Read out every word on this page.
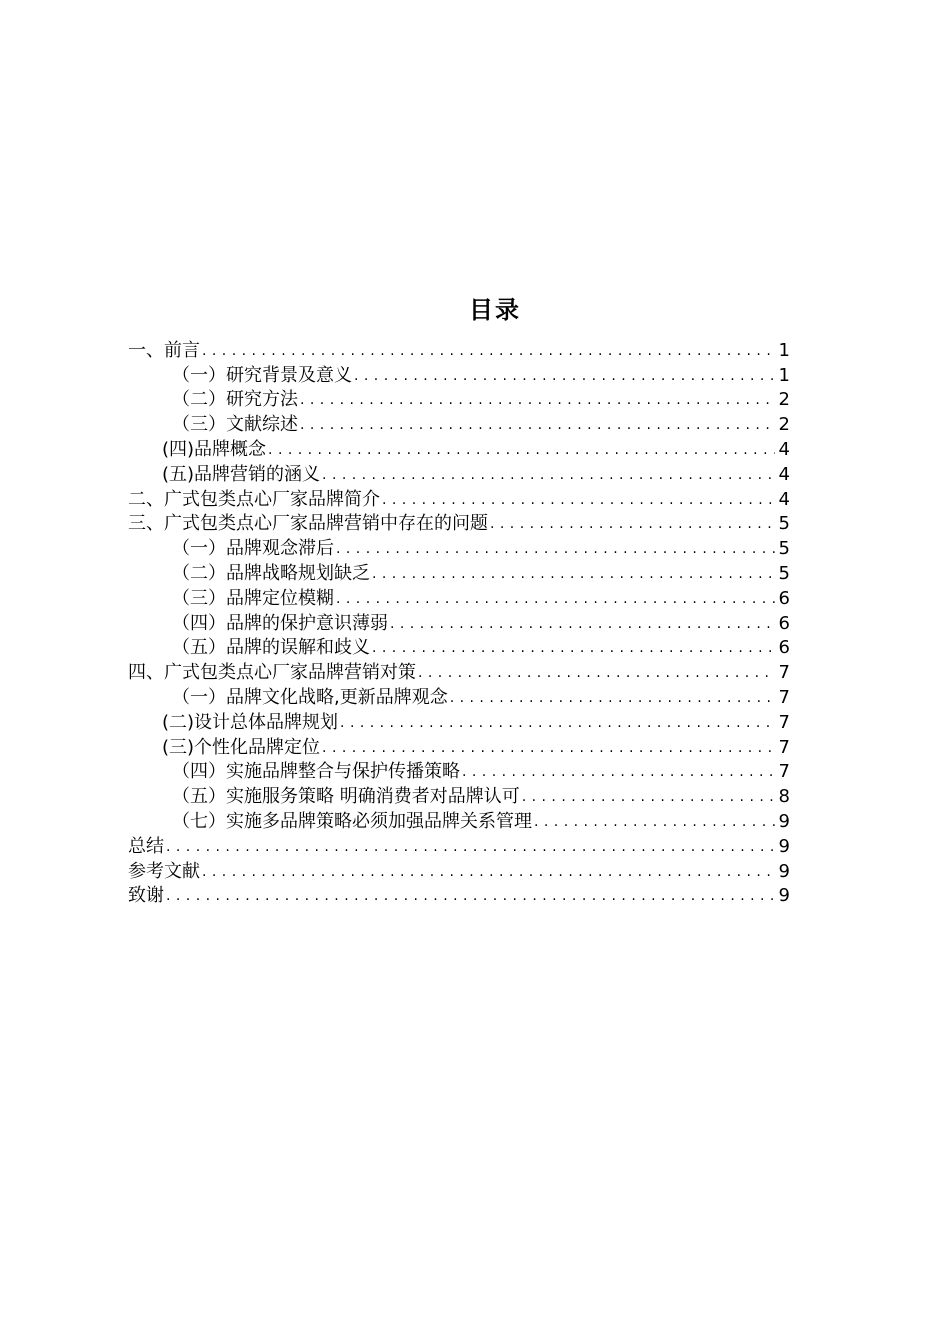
目录
一、前言 . . .	1
（一）研究背景及意义 . . .	1
（二）研究方法 . . .	2
（三）文献综述 . . .	2
(四)品牌概念 . . .	4
(五)品牌营销的涵义 . . .	4
二、广式包类点心厂家品牌简介 . . .	4
三、广式包类点心厂家品牌营销中存在的问题 . . .	5
（一）品牌观念滞后 . . .	5
（二）品牌战略规划缺乏 . . .	5
（三）品牌定位模糊 . . .	6
（四）品牌的保护意识薄弱 . . .	6
（五）品牌的误解和歧义 . . .	6
四、广式包类点心厂家品牌营销对策 . . .	7
（一）品牌文化战略,更新品牌观念 . . .	7
(二)设计总体品牌规划 . . .	7
(三)个性化品牌定位 . . .	7
（四）实施品牌整合与保护传播策略 . . .	7
（五）实施服务策略 明确消费者对品牌认可 . . .	8
（七）实施多品牌策略必须加强品牌关系管理 . . .	9
总结 . . .	9
参考文献 . . .	9
致谢 . . .	9
